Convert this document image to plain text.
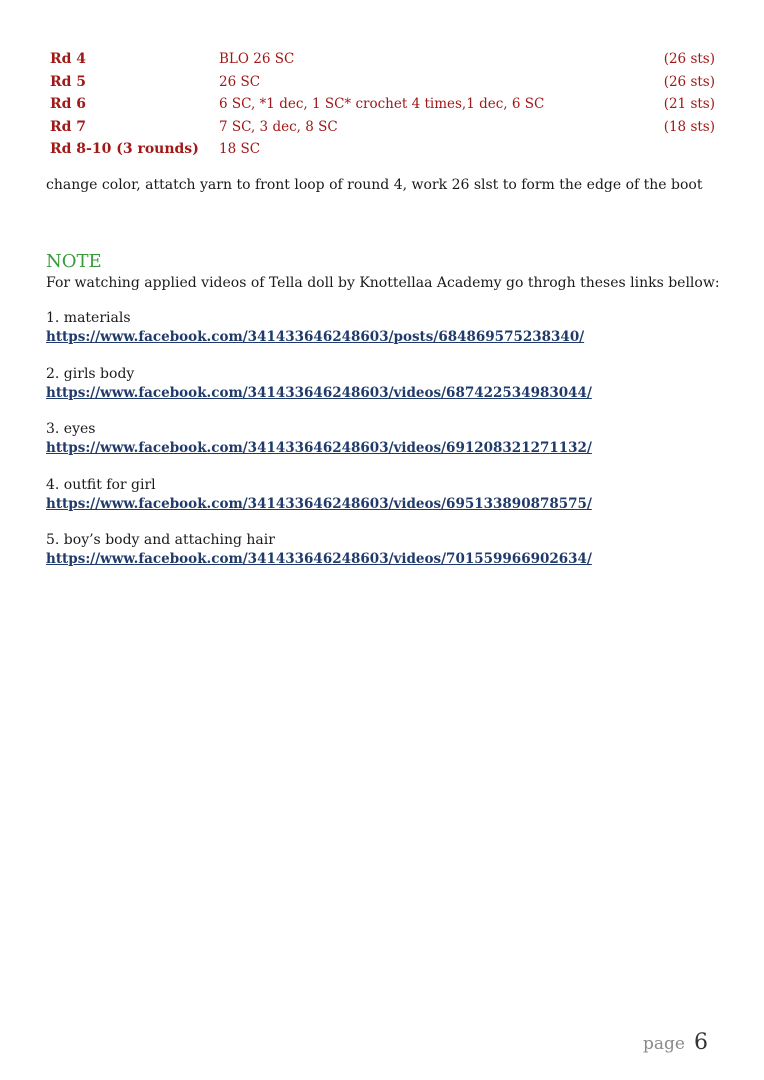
Rd 4	BLO 26 SC	(26 sts)
Rd 5	26 SC	(26 sts)
Rd 6	6 SC, *1 dec, 1 SC* crochet 4 times,1 dec, 6 SC	(21 sts)
Rd 7	7 SC, 3 dec, 8 SC	(18 sts)
Rd 8-10 (3 rounds) 18 SC
change color, attatch yarn to front loop of round 4, work 26 slst to form the edge of the boot
NOTE
For watching applied videos of Tella doll by Knottellaa Academy go throgh theses links bellow:
1. materials
https://www.facebook.com/341433646248603/posts/684869575238340/
2. girls body
https://www.facebook.com/341433646248603/videos/687422534983044/
3. eyes
https://www.facebook.com/341433646248603/videos/691208321271132/
4. outfit for girl
https://www.facebook.com/341433646248603/videos/695133890878575/
5. boy’s body and attaching hair
https://www.facebook.com/341433646248603/videos/701559966902634/
page 6
